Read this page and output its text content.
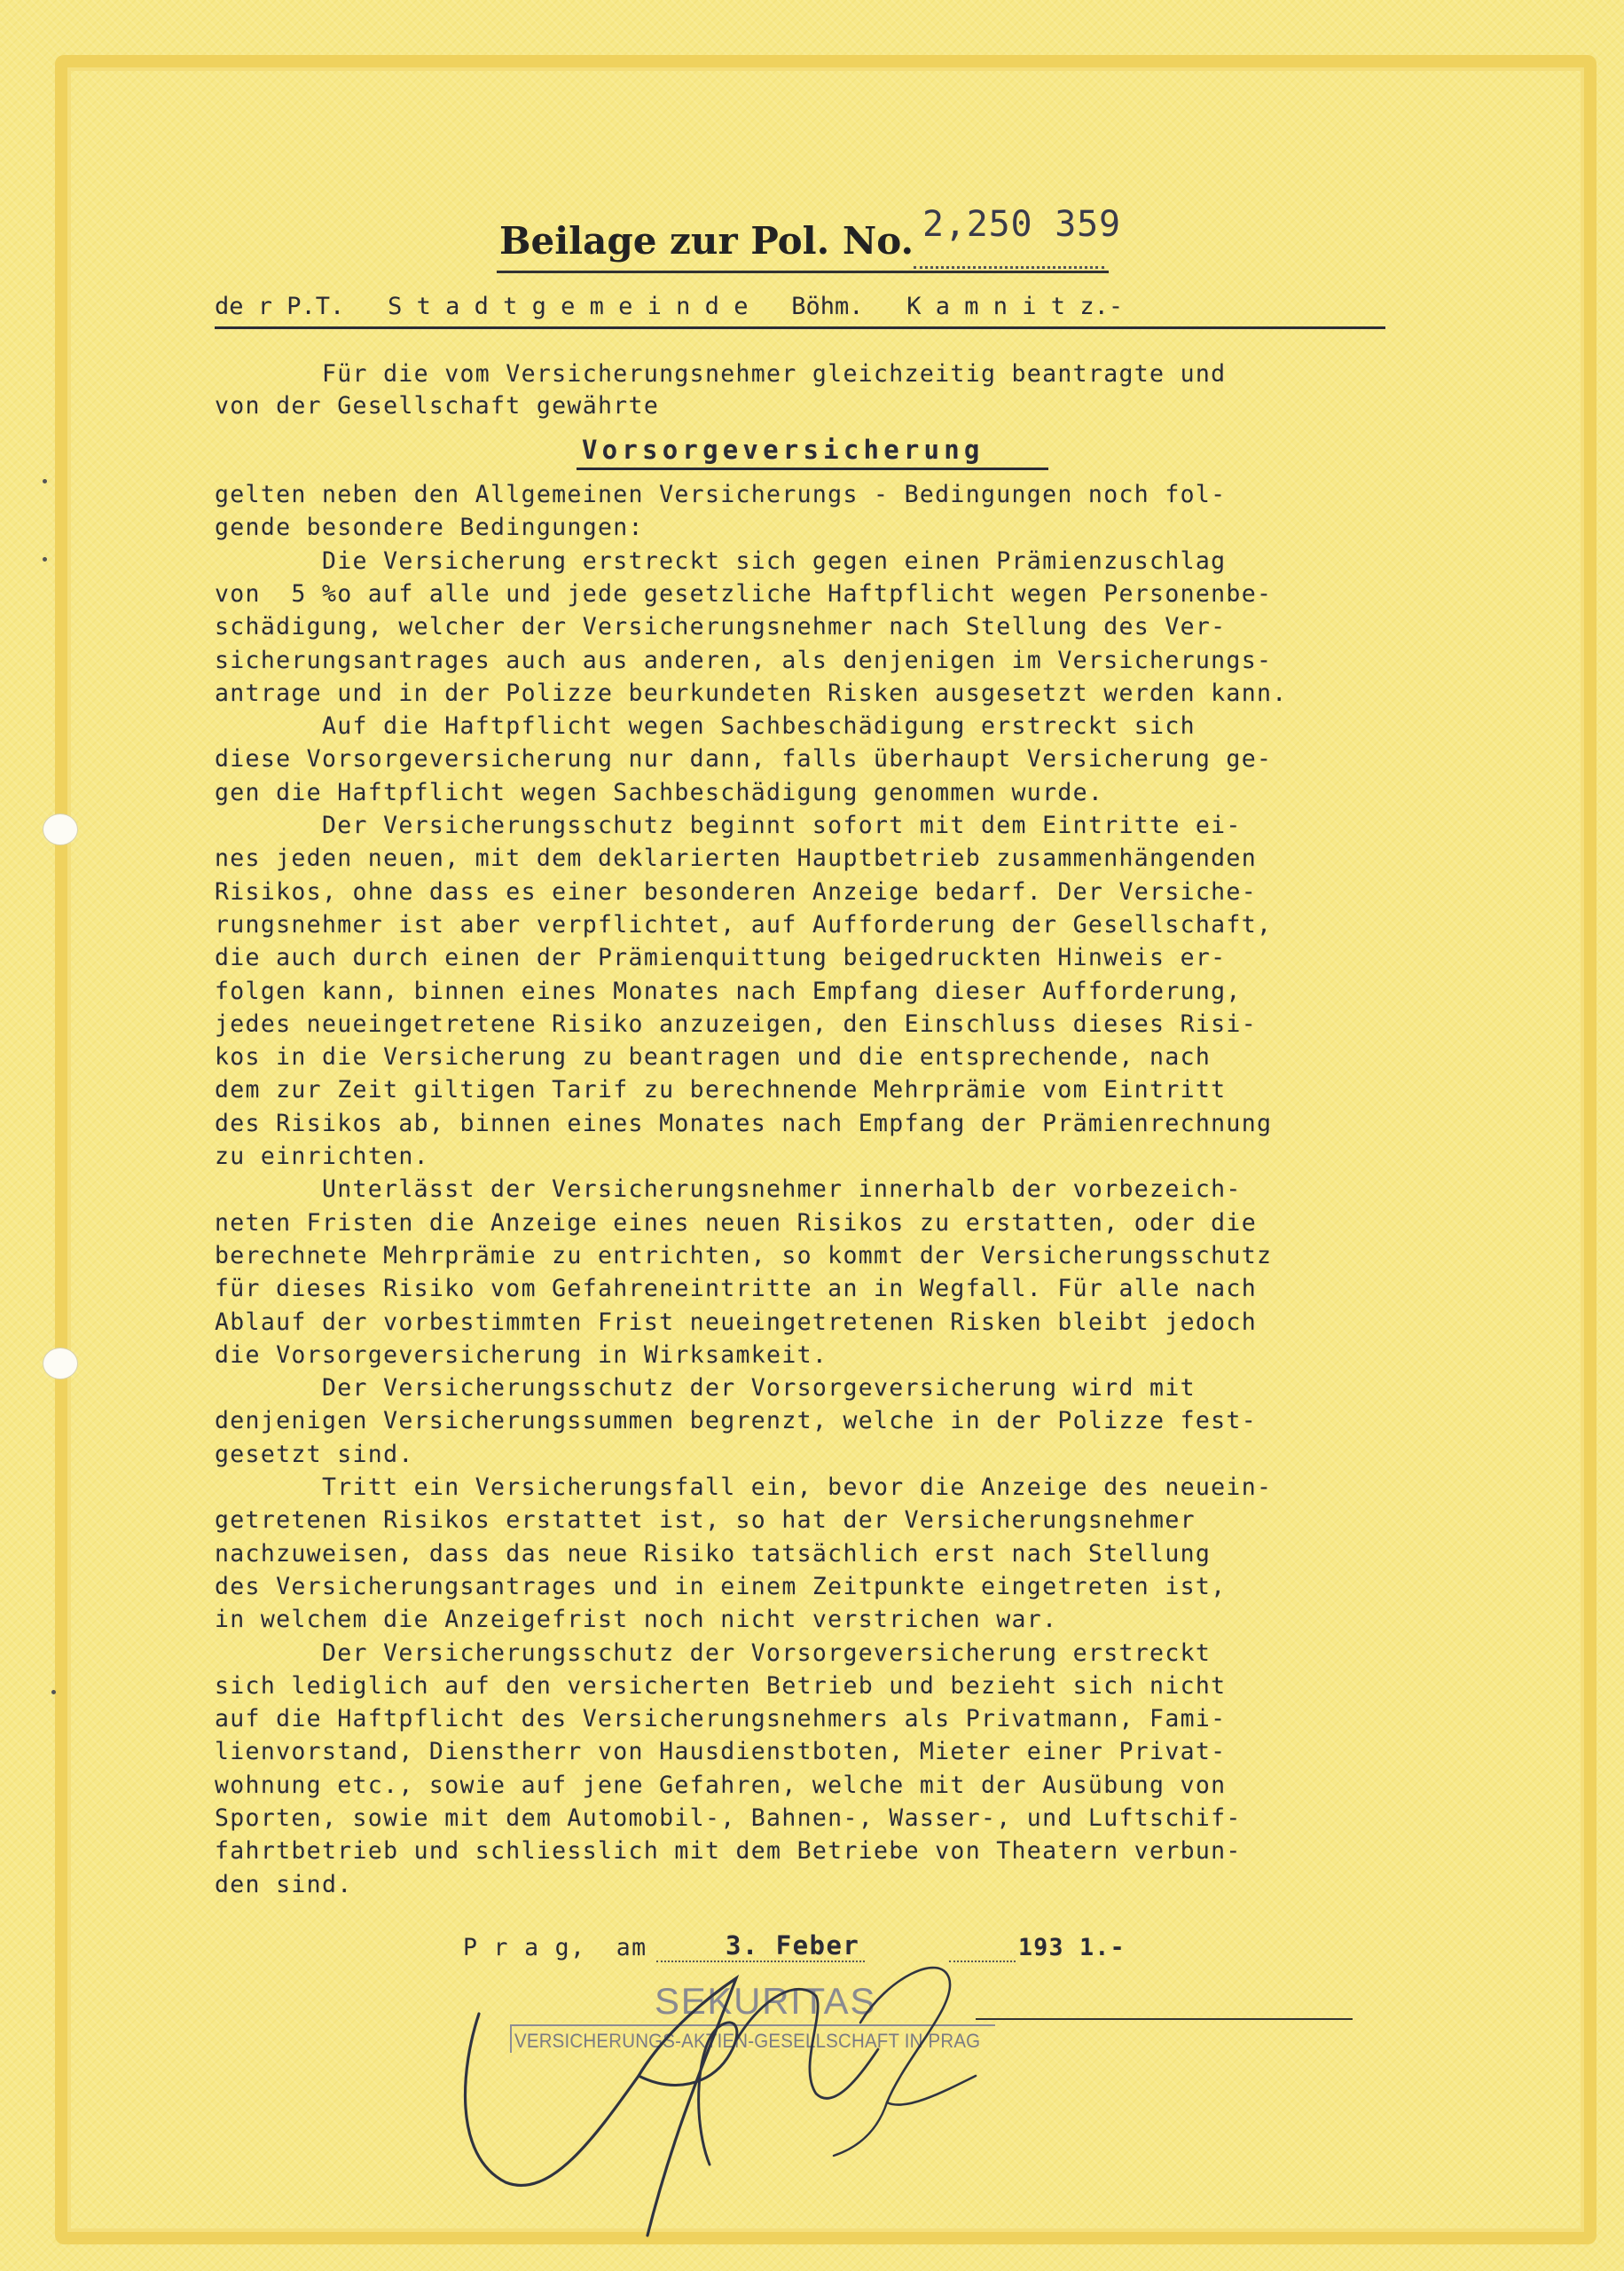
Beilage zur Pol. No. 2,250 359
de r P.T.   S t a d t g e m e i n d e   Böhm.   K a m n i t z.-
Für die vom Versicherungsnehmer gleichzeitig beantragte und
von der Gesellschaft gewährte
Vorsorgeversicherung
gelten neben den Allgemeinen Versicherungs - Bedingungen noch fol-
gende besondere Bedingungen:
Die Versicherung erstreckt sich gegen einen Prämienzuschlag
von  5 %o auf alle und jede gesetzliche Haftpflicht wegen Personenbe-
schädigung, welcher der Versicherungsnehmer nach Stellung des Ver-
sicherungsantrages auch aus anderen, als denjenigen im Versicherungs-
antrage und in der Polizze beurkundeten Risken ausgesetzt werden kann.
Auf die Haftpflicht wegen Sachbeschädigung erstreckt sich
diese Vorsorgeversicherung nur dann, falls überhaupt Versicherung ge-
gen die Haftpflicht wegen Sachbeschädigung genommen wurde.
Der Versicherungsschutz beginnt sofort mit dem Eintritte ei-
nes jeden neuen, mit dem deklarierten Hauptbetrieb zusammenhängenden
Risikos, ohne dass es einer besonderen Anzeige bedarf. Der Versiche-
rungsnehmer ist aber verpflichtet, auf Aufforderung der Gesellschaft,
die auch durch einen der Prämienquittung beigedruckten Hinweis er-
folgen kann, binnen eines Monates nach Empfang dieser Aufforderung,
jedes neueingetretene Risiko anzuzeigen, den Einschluss dieses Risi-
kos in die Versicherung zu beantragen und die entsprechende, nach
dem zur Zeit giltigen Tarif zu berechnende Mehrprämie vom Eintritt
des Risikos ab, binnen eines Monates nach Empfang der Prämienrechnung
zu einrichten.
Unterlässt der Versicherungsnehmer innerhalb der vorbezeich-
neten Fristen die Anzeige eines neuen Risikos zu erstatten, oder die
berechnete Mehrprämie zu entrichten, so kommt der Versicherungsschutz
für dieses Risiko vom Gefahreneintritte an in Wegfall. Für alle nach
Ablauf der vorbestimmten Frist neueingetretenen Risken bleibt jedoch
die Vorsorgeversicherung in Wirksamkeit.
Der Versicherungsschutz der Vorsorgeversicherung wird mit
denjenigen Versicherungssummen begrenzt, welche in der Polizze fest-
gesetzt sind.
Tritt ein Versicherungsfall ein, bevor die Anzeige des neuein-
getretenen Risikos erstattet ist, so hat der Versicherungsnehmer
nachzuweisen, dass das neue Risiko tatsächlich erst nach Stellung
des Versicherungsantrages und in einem Zeitpunkte eingetreten ist,
in welchem die Anzeigefrist noch nicht verstrichen war.
Der Versicherungsschutz der Vorsorgeversicherung erstreckt
sich lediglich auf den versicherten Betrieb und bezieht sich nicht
auf die Haftpflicht des Versicherungsnehmers als Privatmann, Fami-
lienvorstand, Dienstherr von Hausdienstboten, Mieter einer Privat-
wohnung etc., sowie auf jene Gefahren, welche mit der Ausübung von
Sporten, sowie mit dem Automobil-, Bahnen-, Wasser-, und Luftschif-
fahrtbetrieb und schliesslich mit dem Betriebe von Theatern verbun-
den sind.
P r a g,  am	3. Feber	193 1.-
SEKURITAS
VERSICHERUNGS-AKTIEN-GESELLSCHAFT IN PRAG
